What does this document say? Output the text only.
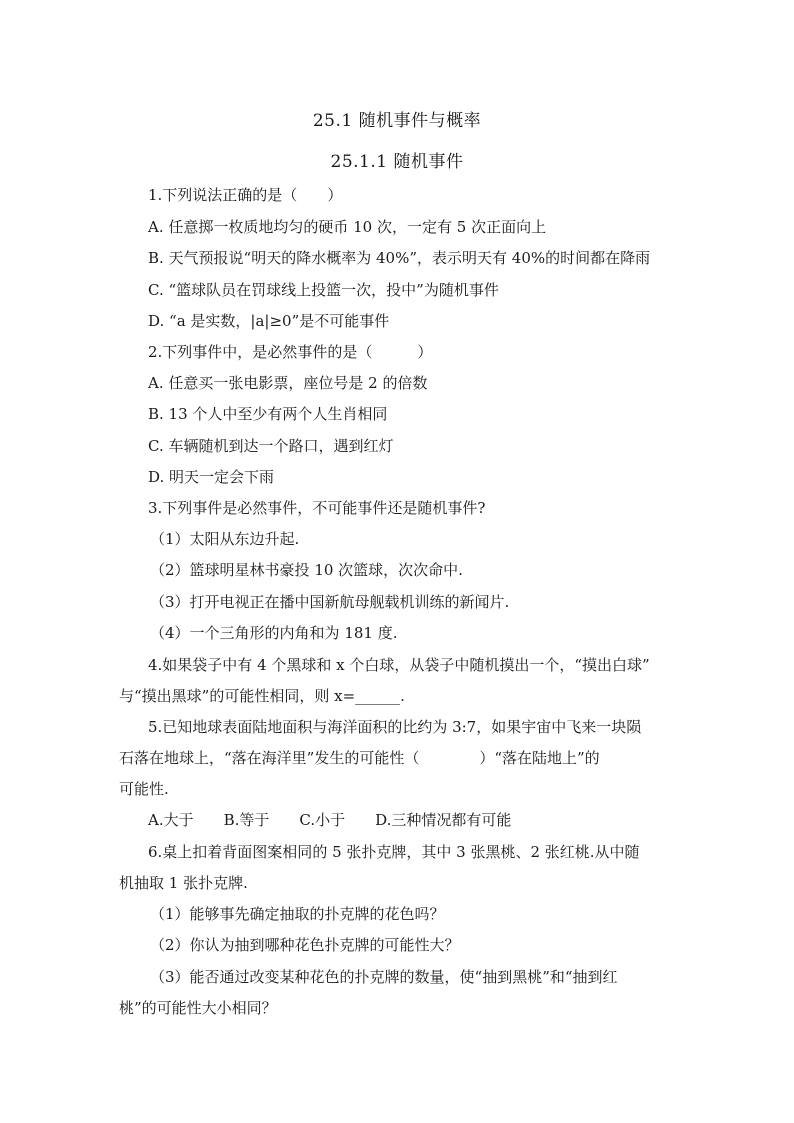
25.1 随机事件与概率
25.1.1 随机事件
1.下列说法正确的是（　　）
A. 任意掷一枚质地均匀的硬币 10 次，一定有 5 次正面向上
B. 天气预报说“明天的降水概率为 40%”，表示明天有 40%的时间都在降雨
C. “篮球队员在罚球线上投篮一次，投中”为随机事件
D. “a 是实数，|a|≥0”是不可能事件
2.下列事件中，是必然事件的是（　　　）
A. 任意买一张电影票，座位号是 2 的倍数
B. 13 个人中至少有两个人生肖相同
C. 车辆随机到达一个路口，遇到红灯
D. 明天一定会下雨
3.下列事件是必然事件，不可能事件还是随机事件?
（1）太阳从东边升起.
（2）篮球明星林书豪投 10 次篮球，次次命中.
（3）打开电视正在播中国新航母舰载机训练的新闻片.
（4）一个三角形的内角和为 181 度.
4.如果袋子中有 4 个黑球和 x 个白球，从袋子中随机摸出一个，“摸出白球”
与“摸出黑球”的可能性相同，则 x=______.
5.已知地球表面陆地面积与海洋面积的比约为 3:7，如果宇宙中飞来一块陨
石落在地球上，“落在海洋里”发生的可能性（　　　　）“落在陆地上”的
可能性.
A.大于　　B.等于　　C.小于　　D.三种情况都有可能
6.桌上扣着背面图案相同的 5 张扑克牌，其中 3 张黑桃、2 张红桃.从中随
机抽取 1 张扑克牌.
（1）能够事先确定抽取的扑克牌的花色吗？
（2）你认为抽到哪种花色扑克牌的可能性大？
（3）能否通过改变某种花色的扑克牌的数量，使“抽到黑桃”和“抽到红
桃”的可能性大小相同？
